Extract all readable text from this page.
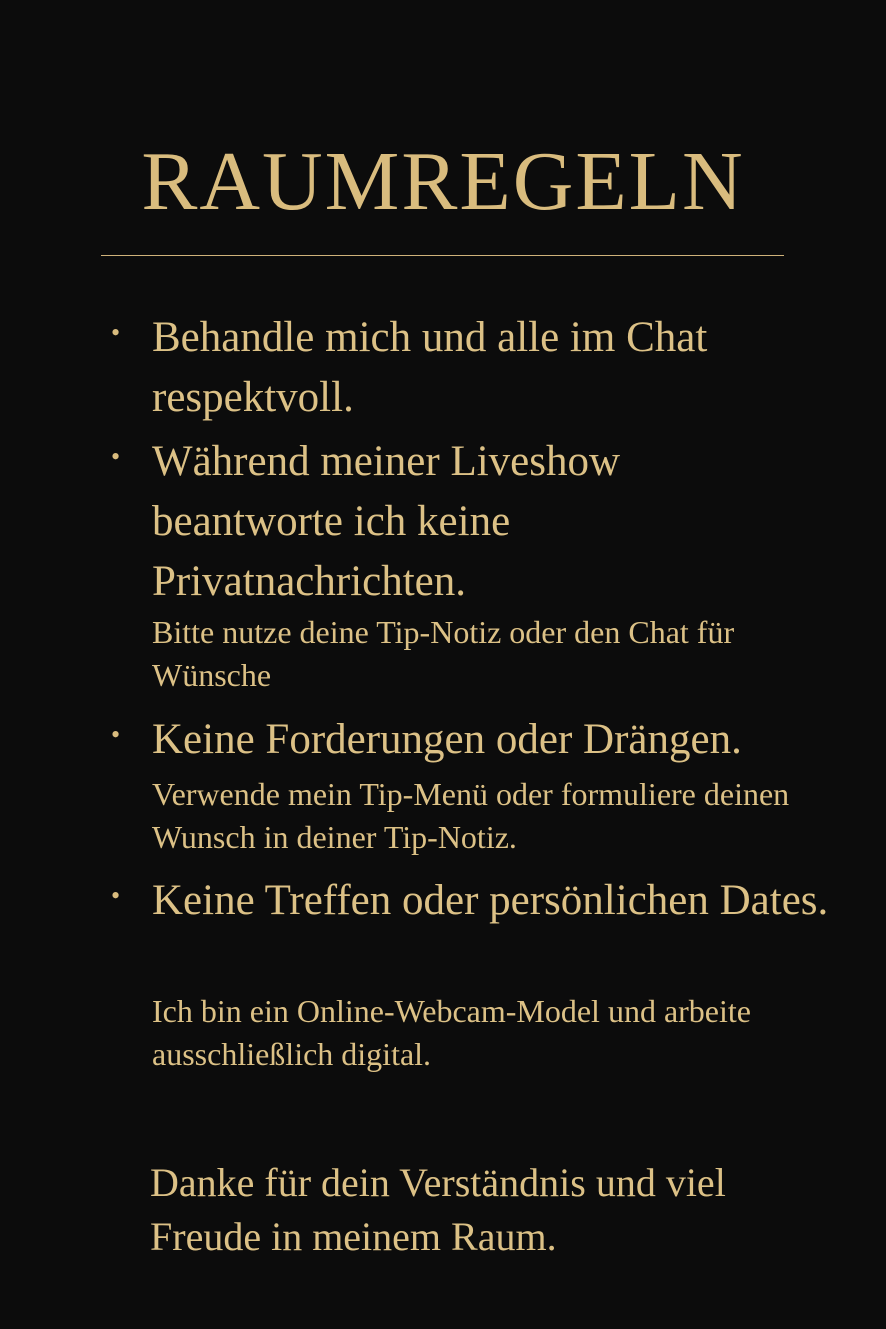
RAUMREGELN
• Behandle mich und alle im Chat respektvoll.
• Während meiner Liveshow beantworte ich keine Privatnachrichten.
Bitte nutze deine Tip-Notiz oder den Chat für Wünsche
• Keine Forderungen oder Drängen.
Verwende mein Tip-Menü oder formuliere deinen Wunsch in deiner Tip-Notiz.
• Keine Treffen oder persönlichen Dates.
Ich bin ein Online-Webcam-Model und arbeite ausschließlich digital.

Danke für dein Verständnis und viel Freude in meinem Raum.
